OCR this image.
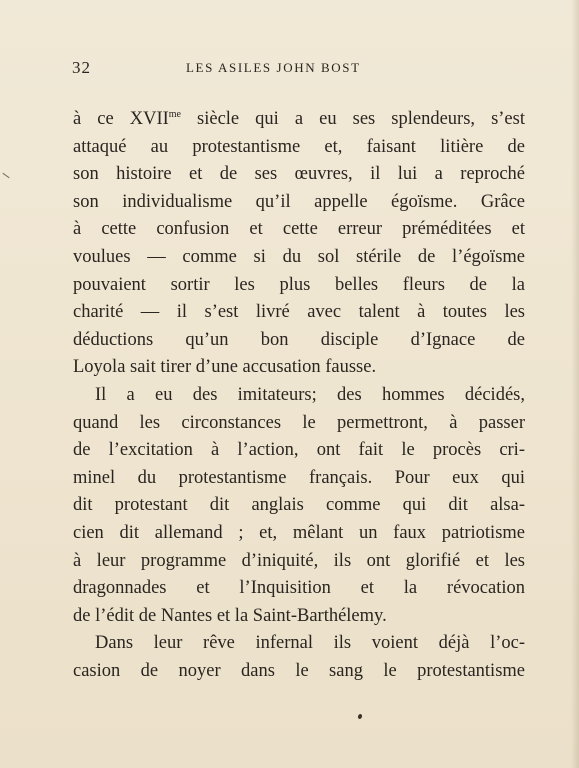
32	LES ASILES JOHN BOST
à ce $XVII^{me}$ siècle qui a eu ses splendeurs, s’est
attaqué au protestantisme et, faisant litière de
son histoire et de ses œuvres, il lui a reproché
son individualisme qu’il appelle égoïsme. Grâce
à cette confusion et cette erreur préméditées et
voulues — comme si du sol stérile de l’égoïsme
pouvaient sortir les plus belles fleurs de la
charité — il s’est livré avec talent à toutes les
déductions qu’un bon disciple d’Ignace de
Loyola sait tirer d’une accusation fausse.
Il a eu des imitateurs; des hommes décidés,
quand les circonstances le permettront, à passer
de l’excitation à l’action, ont fait le procès cri-
minel du protestantisme français. Pour eux qui
dit protestant dit anglais comme qui dit alsa-
cien dit allemand ; et, mêlant un faux patriotisme
à leur programme d’iniquité, ils ont glorifié et les
dragonnades et l’Inquisition et la révocation
de l’édit de Nantes et la Saint-Barthélemy.
Dans leur rêve infernal ils voient déjà l’oc-
casion de noyer dans le sang le protestantisme
